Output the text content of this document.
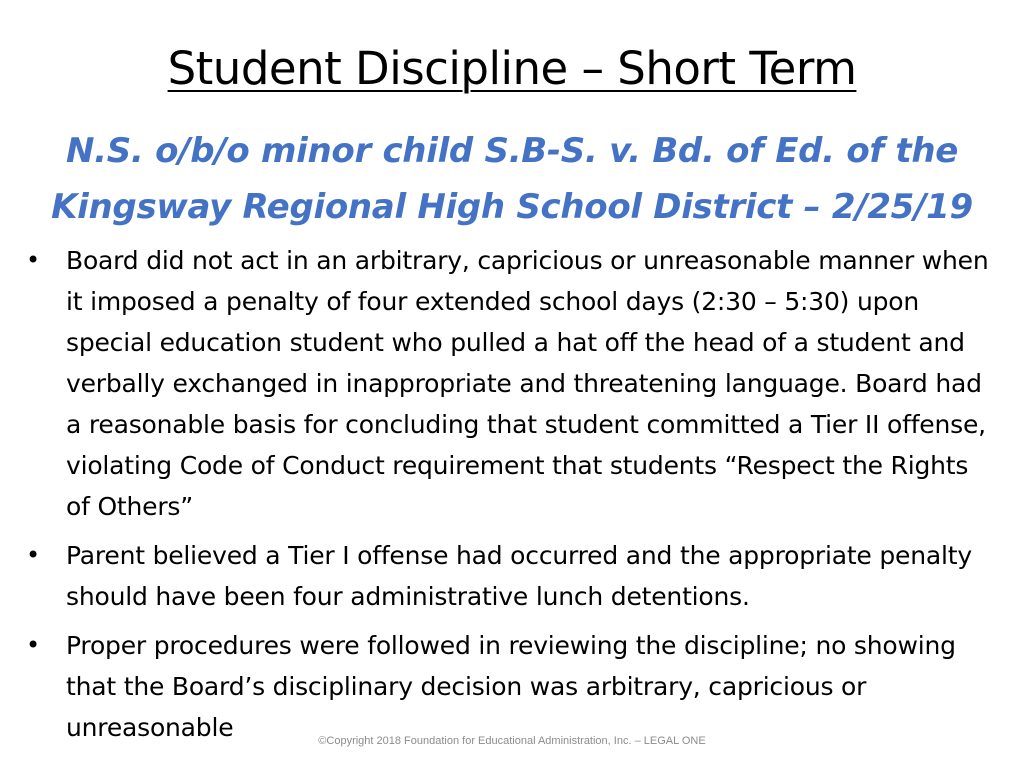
Student Discipline – Short Term
N.S. o/b/o minor child S.B-S. v. Bd. of Ed. of the
Kingsway Regional High School District – 2/25/19
• Board did not act in an arbitrary, capricious or unreasonable manner when it imposed a penalty of four extended school days (2:30 – 5:30) upon special education student who pulled a hat off the head of a student and verbally exchanged in inappropriate and threatening language. Board had a reasonable basis for concluding that student committed a Tier II offense, violating Code of Conduct requirement that students “Respect the Rights of Others”
• Parent believed a Tier I offense had occurred and the appropriate penalty should have been four administrative lunch detentions.
• Proper procedures were followed in reviewing the discipline; no showing that the Board’s disciplinary decision was arbitrary, capricious or unreasonable	©Copyright 2018 Foundation for Educational Administration, Inc. – LEGAL ONE
